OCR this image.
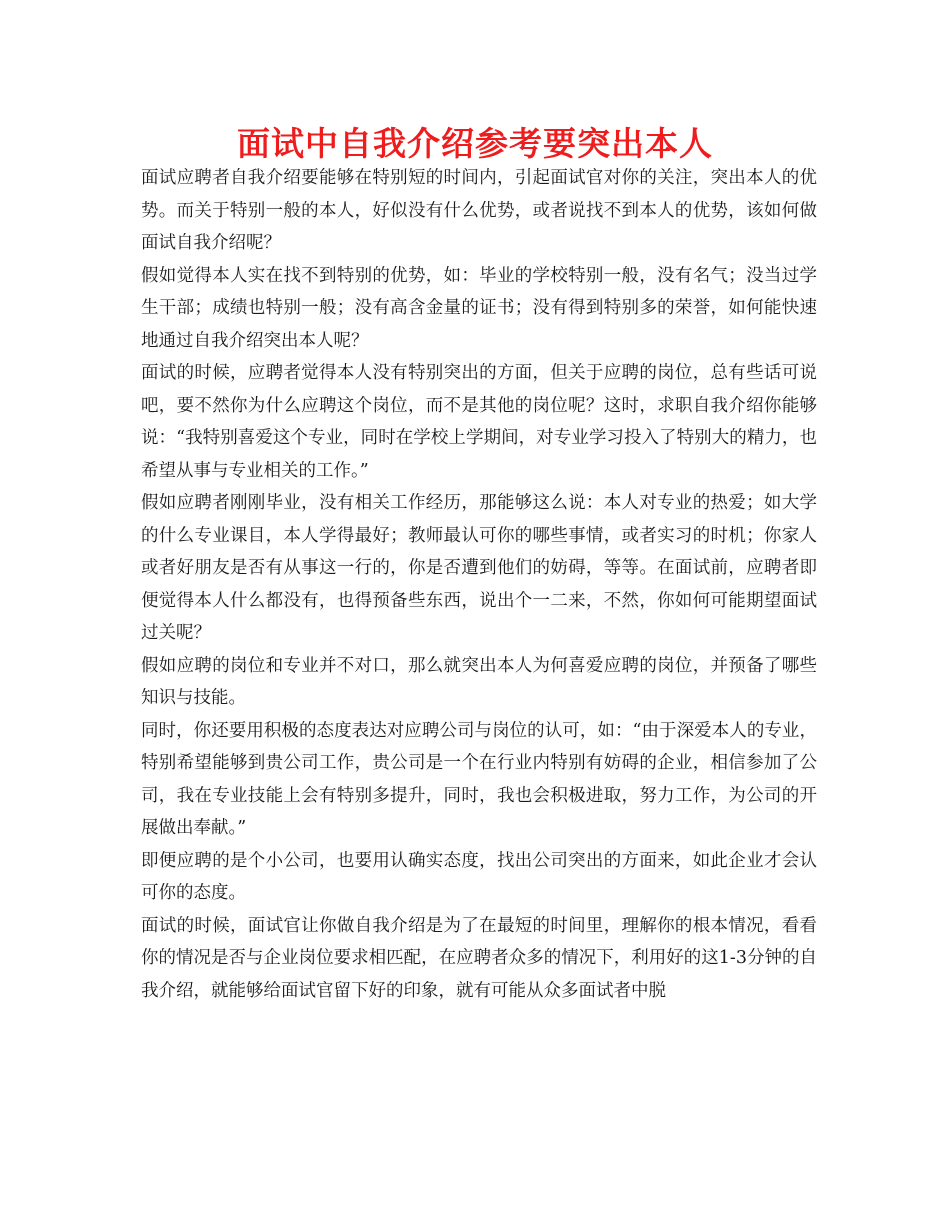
面试中自我介绍参考要突出本人

面试应聘者自我介绍要能够在特别短的时间内，引起面试官对你的关注，突出本人的优势。而关于特别一般的本人，好似没有什么优势，或者说找不到本人的优势，该如何做面试自我介绍呢？

假如觉得本人实在找不到特别的优势，如：毕业的学校特别一般，没有名气；没当过学生干部；成绩也特别一般；没有高含金量的证书；没有得到特别多的荣誉，如何能快速地通过自我介绍突出本人呢？

面试的时候，应聘者觉得本人没有特别突出的方面，但关于应聘的岗位，总有些话可说吧，要不然你为什么应聘这个岗位，而不是其他的岗位呢？这时，求职自我介绍你能够说：“我特别喜爱这个专业，同时在学校上学期间，对专业学习投入了特别大的精力，也希望从事与专业相关的工作。”

假如应聘者刚刚毕业，没有相关工作经历，那能够这么说：本人对专业的热爱；如大学的什么专业课目，本人学得最好；教师最认可你的哪些事情，或者实习的时机；你家人或者好朋友是否有从事这一行的，你是否遭到他们的妨碍，等等。在面试前，应聘者即便觉得本人什么都没有，也得预备些东西，说出个一二来，不然，你如何可能期望面试过关呢？

假如应聘的岗位和专业并不对口，那么就突出本人为何喜爱应聘的岗位，并预备了哪些知识与技能。

同时，你还要用积极的态度表达对应聘公司与岗位的认可，如：“由于深爱本人的专业，特别希望能够到贵公司工作，贵公司是一个在行业内特别有妨碍的企业，相信参加了公司，我在专业技能上会有特别多提升，同时，我也会积极进取，努力工作，为公司的开展做出奉献。”

即便应聘的是个小公司，也要用认确实态度，找出公司突出的方面来，如此企业才会认可你的态度。

面试的时候，面试官让你做自我介绍是为了在最短的时间里，理解你的根本情况，看看你的情况是否与企业岗位要求相匹配，在应聘者众多的情况下，利用好的这1-3分钟的自我介绍，就能够给面试官留下好的印象，就有可能从众多面试者中脱
